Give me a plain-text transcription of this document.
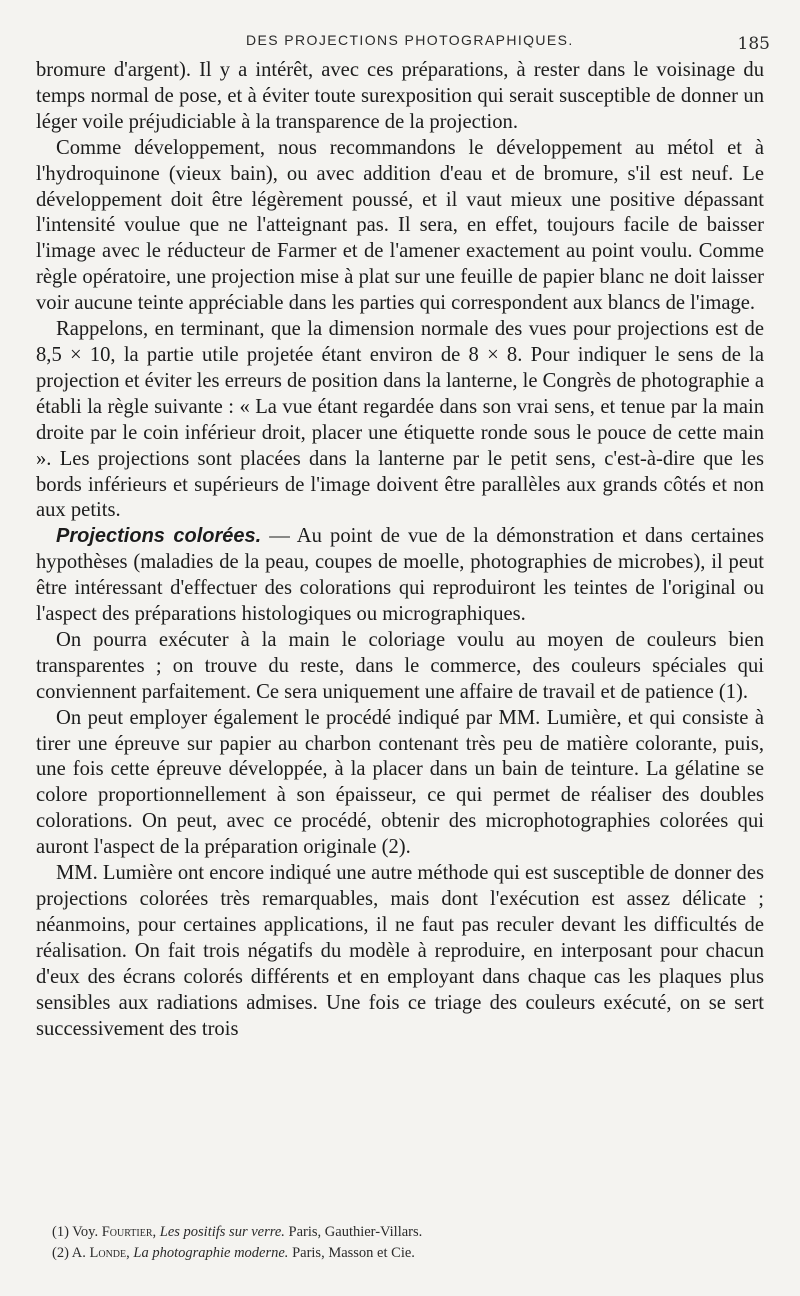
DES PROJECTIONS PHOTOGRAPHIQUES.	185

bromure d'argent). Il y a intérêt, avec ces préparations, à rester dans le voisinage du temps normal de pose, et à éviter toute surexposition qui serait susceptible de donner un léger voile préjudiciable à la transparence de la projection.

Comme développement, nous recommandons le développement au métol et à l'hydroquinone (vieux bain), ou avec addition d'eau et de bromure, s'il est neuf. Le développement doit être légèrement poussé, et il vaut mieux une positive dépassant l'intensité voulue que ne l'atteignant pas. Il sera, en effet, toujours facile de baisser l'image avec le réducteur de Farmer et de l'amener exactement au point voulu. Comme règle opératoire, une projection mise à plat sur une feuille de papier blanc ne doit laisser voir aucune teinte appréciable dans les parties qui correspondent aux blancs de l'image.

Rappelons, en terminant, que la dimension normale des vues pour projections est de 8,5 × 10, la partie utile projetée étant environ de 8 × 8. Pour indiquer le sens de la projection et éviter les erreurs de position dans la lanterne, le Congrès de photographie a établi la règle suivante : « La vue étant regardée dans son vrai sens, et tenue par la main droite par le coin inférieur droit, placer une étiquette ronde sous le pouce de cette main ». Les projections sont placées dans la lanterne par le petit sens, c'est-à-dire que les bords inférieurs et supérieurs de l'image doivent être parallèles aux grands côtés et non aux petits.

Projections colorées. — Au point de vue de la démonstration et dans certaines hypothèses (maladies de la peau, coupes de moelle, photographies de microbes), il peut être intéressant d'effectuer des colorations qui reproduiront les teintes de l'original ou l'aspect des préparations histologiques ou micrographiques.

On pourra exécuter à la main le coloriage voulu au moyen de couleurs bien transparentes ; on trouve du reste, dans le commerce, des couleurs spéciales qui conviennent parfaitement. Ce sera uniquement une affaire de travail et de patience (1).

On peut employer également le procédé indiqué par MM. Lumière, et qui consiste à tirer une épreuve sur papier au charbon contenant très peu de matière colorante, puis, une fois cette épreuve développée, à la placer dans un bain de teinture. La gélatine se colore proportionnellement à son épaisseur, ce qui permet de réaliser des doubles colorations. On peut, avec ce procédé, obtenir des microphotographies colorées qui auront l'aspect de la préparation originale (2).

MM. Lumière ont encore indiqué une autre méthode qui est susceptible de donner des projections colorées très remarquables, mais dont l'exécution est assez délicate ; néanmoins, pour certaines applications, il ne faut pas reculer devant les difficultés de réalisation. On fait trois négatifs du modèle à reproduire, en interposant pour chacun d'eux des écrans colorés différents et en employant dans chaque cas les plaques plus sensibles aux radiations admises. Une fois ce triage des couleurs exécuté, on se sert successivement des trois

(1) Voy. Fourtier, Les positifs sur verre. Paris, Gauthier-Villars.
(2) A. Londe, La photographie moderne. Paris, Masson et Cie.
